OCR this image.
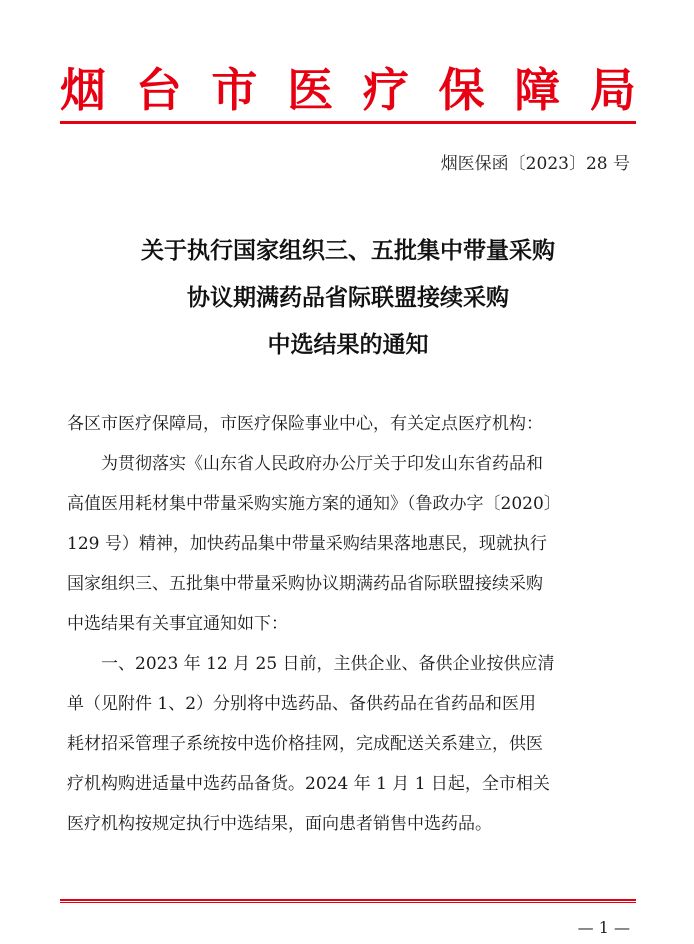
烟 台 市 医 疗 保 障 局
烟医保函〔2023〕28 号
关于执行国家组织三、五批集中带量采购
协议期满药品省际联盟接续采购
中选结果的通知
各区市医疗保障局，市医疗保险事业中心，有关定点医疗机构：
　　为贯彻落实《山东省人民政府办公厅关于印发山东省药品和
高值医用耗材集中带量采购实施方案的通知》（鲁政办字〔2020〕
129 号）精神，加快药品集中带量采购结果落地惠民，现就执行
国家组织三、五批集中带量采购协议期满药品省际联盟接续采购
中选结果有关事宜通知如下：
　　一、2023 年 12 月 25 日前，主供企业、备供企业按供应清
单（见附件 1、2）分别将中选药品、备供药品在省药品和医用
耗材招采管理子系统按中选价格挂网，完成配送关系建立，供医
疗机构购进适量中选药品备货。2024 年 1 月 1 日起，全市相关
医疗机构按规定执行中选结果，面向患者销售中选药品。
— 1 —
